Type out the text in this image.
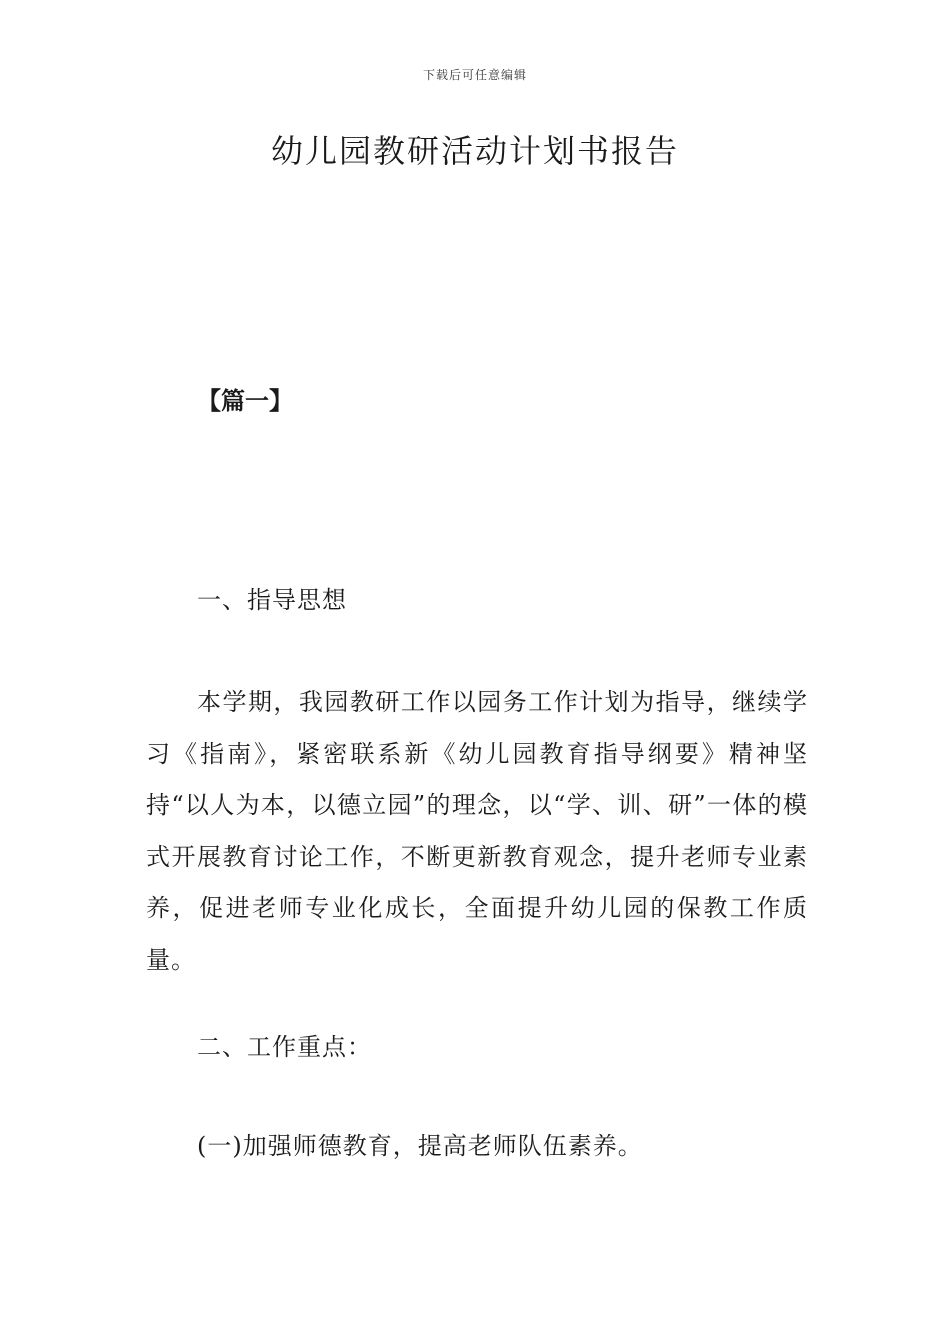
下载后可任意编辑
幼儿园教研活动计划书报告
【篇一】
一、指导思想

本学期，我园教研工作以园务工作计划为指导，继续学习《指南》，紧密联系新《幼儿园教育指导纲要》精神坚持“以人为本，以德立园”的理念，以“学、训、研”一体的模式开展教育讨论工作，不断更新教育观念，提升老师专业素养，促进老师专业化成长，全面提升幼儿园的保教工作质量。

二、工作重点：
(一)加强师德教育，提高老师队伍素养。
